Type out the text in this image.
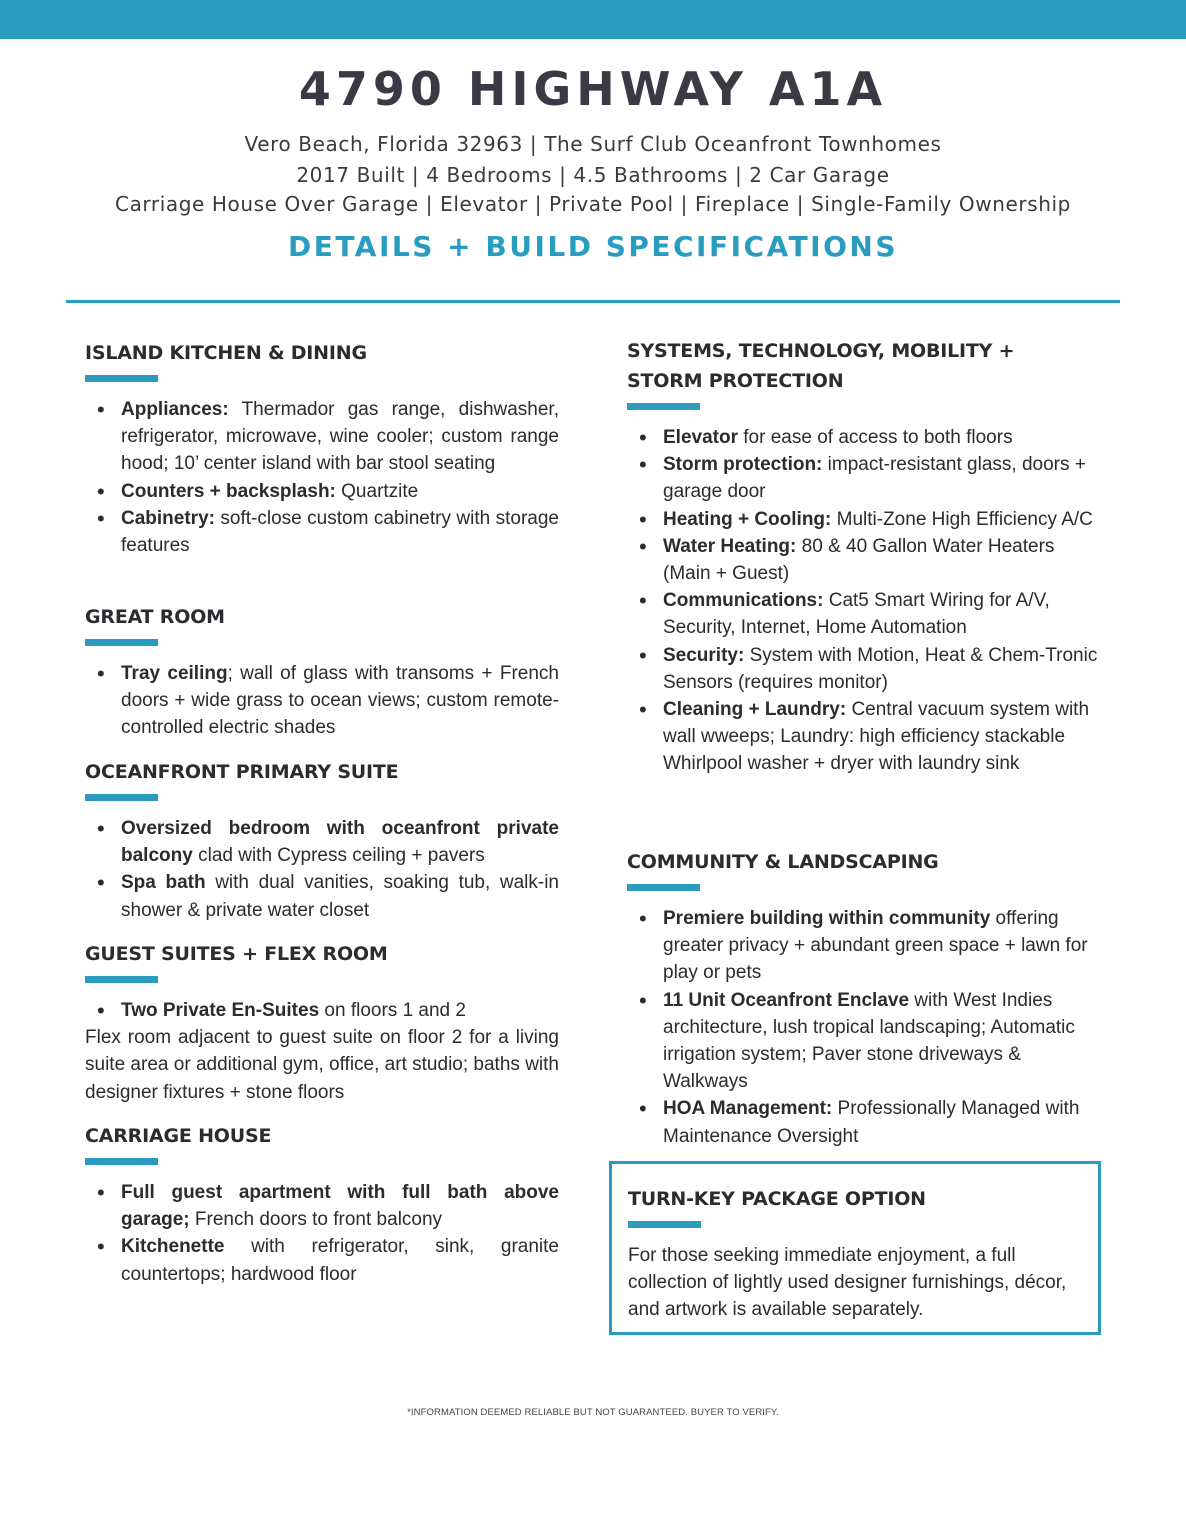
4790 HIGHWAY A1A
Vero Beach, Florida 32963 | The Surf Club Oceanfront Townhomes
2017 Built | 4 Bedrooms | 4.5 Bathrooms | 2 Car Garage
Carriage House Over Garage | Elevator | Private Pool | Fireplace | Single-Family Ownership
DETAILS + BUILD SPECIFICATIONS
ISLAND KITCHEN & DINING
• Appliances: Thermador gas range, dishwasher, refrigerator, microwave, wine cooler; custom range hood; 10’ center island with bar stool seating
• Counters + backsplash: Quartzite
• Cabinetry: soft-close custom cabinetry with storage features
GREAT ROOM
• Tray ceiling; wall of glass with transoms + French doors + wide grass to ocean views; custom remote-controlled electric shades
OCEANFRONT PRIMARY SUITE
• Oversized bedroom with oceanfront private balcony clad with Cypress ceiling + pavers
• Spa bath with dual vanities, soaking tub, walk-in shower & private water closet
GUEST SUITES + FLEX ROOM
• Two Private En-Suites on floors 1 and 2
Flex room adjacent to guest suite on floor 2 for a living suite area or additional gym, office, art studio; baths with designer fixtures + stone floors
CARRIAGE HOUSE
• Full guest apartment with full bath above garage; French doors to front balcony
• Kitchenette with refrigerator, sink, granite countertops; hardwood floor
SYSTEMS, TECHNOLOGY, MOBILITY +
STORM PROTECTION
• Elevator for ease of access to both floors
• Storm protection: impact-resistant glass, doors + garage door
• Heating + Cooling: Multi-Zone High Efficiency A/C
• Water Heating: 80 & 40 Gallon Water Heaters (Main + Guest)
• Communications: Cat5 Smart Wiring for A/V, Security, Internet, Home Automation
• Security: System with Motion, Heat & Chem-Tronic Sensors (requires monitor)
• Cleaning + Laundry: Central vacuum system with wall wweeps; Laundry: high efficiency stackable Whirlpool washer + dryer with laundry sink
COMMUNITY & LANDSCAPING
• Premiere building within community offering greater privacy + abundant green space + lawn for play or pets
• 11 Unit Oceanfront Enclave with West Indies architecture, lush tropical landscaping; Automatic irrigation system; Paver stone driveways & Walkways
• HOA Management: Professionally Managed with Maintenance Oversight
TURN-KEY PACKAGE OPTION
For those seeking immediate enjoyment, a full collection of lightly used designer furnishings, décor, and artwork is available separately.
*INFORMATION DEEMED RELIABLE BUT NOT GUARANTEED. BUYER TO VERIFY.
